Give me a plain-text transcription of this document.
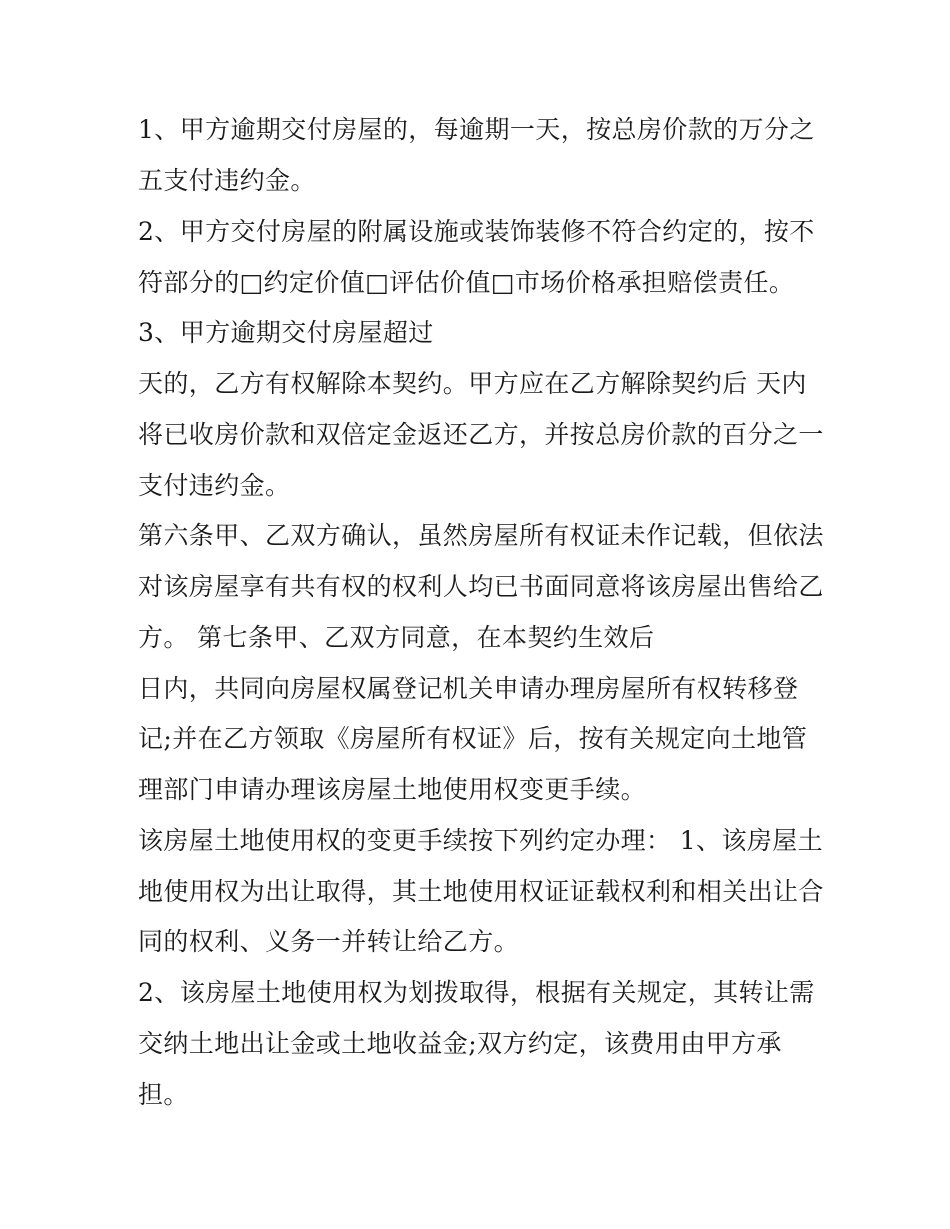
1、甲方逾期交付房屋的，每逾期一天，按总房价款的万分之
五支付违约金。
2、甲方交付房屋的附属设施或装饰装修不符合约定的，按不
符部分的□约定价值□评估价值□市场价格承担赔偿责任。
3、甲方逾期交付房屋超过
天的，乙方有权解除本契约。甲方应在乙方解除契约后 天内
将已收房价款和双倍定金返还乙方，并按总房价款的百分之一
支付违约金。
第六条甲、乙双方确认，虽然房屋所有权证未作记载，但依法
对该房屋享有共有权的权利人均已书面同意将该房屋出售给乙
方。 第七条甲、乙双方同意，在本契约生效后
日内，共同向房屋权属登记机关申请办理房屋所有权转移登
记;并在乙方领取《房屋所有权证》后，按有关规定向土地管
理部门申请办理该房屋土地使用权变更手续。
该房屋土地使用权的变更手续按下列约定办理： 1、该房屋土
地使用权为出让取得，其土地使用权证证载权利和相关出让合
同的权利、义务一并转让给乙方。
2、该房屋土地使用权为划拨取得，根据有关规定，其转让需
交纳土地出让金或土地收益金;双方约定，该费用由甲方承
担。
